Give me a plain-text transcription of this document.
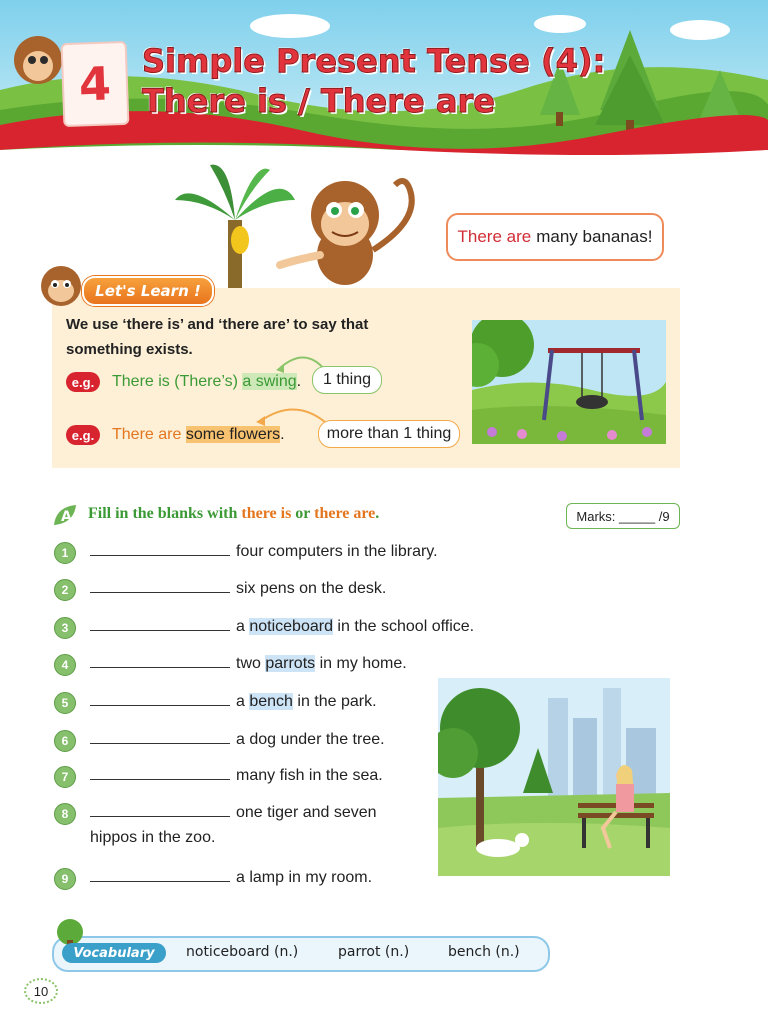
4 Simple Present Tense (4):
There is / There are
There are many bananas!
Let's Learn !
We use ‘there is’ and ‘there are’ to say that
something exists.
e.g.	There is (There’s) a swing.	1 thing
e.g.	There are some flowers.	more than 1 thing
A Fill in the blanks with there is or there are.	Marks: _____ /9
1	four computers in the library.
2	six pens on the desk.
3	a noticeboard in the school office.
4	two parrots in my home.
5	a bench in the park.
6	a dog under the tree.
7	many fish in the sea.
8	one tiger and seven
hippos in the zoo.
9	a lamp in my room.
Vocabulary	noticeboard (n.)	parrot (n.)	bench (n.)
10
